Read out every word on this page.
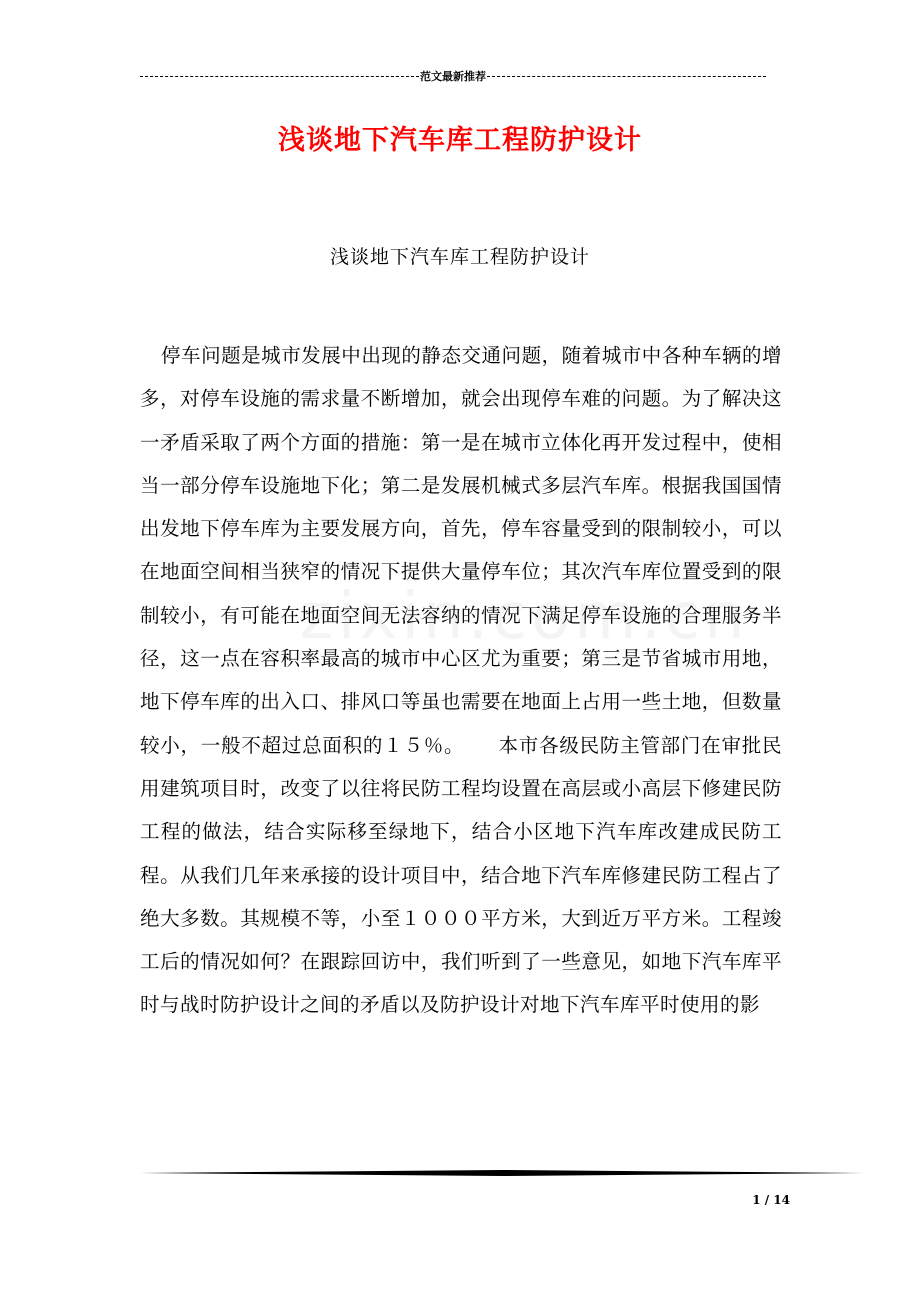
范文最新推荐
浅谈地下汽车库工程防护设计
浅谈地下汽车库工程防护设计
停车问题是城市发展中出现的静态交通问题，随着城市中各种车辆的增多，对停车设施的需求量不断增加，就会出现停车难的问题。为了解决这一矛盾采取了两个方面的措施：第一是在城市立体化再开发过程中，使相当一部分停车设施地下化；第二是发展机械式多层汽车库。根据我国国情出发地下停车库为主要发展方向，首先，停车容量受到的限制较小，可以在地面空间相当狭窄的情况下提供大量停车位；其次汽车库位置受到的限制较小，有可能在地面空间无法容纳的情况下满足停车设施的合理服务半径，这一点在容积率最高的城市中心区尤为重要；第三是节省城市用地，地下停车库的出入口、排风口等虽也需要在地面上占用一些土地，但数量较小，一般不超过总面积的１５％。 本市各级民防主管部门在审批民用建筑项目时，改变了以往将民防工程均设置在高层或小高层下修建民防工程的做法，结合实际移至绿地下，结合小区地下汽车库改建成民防工程。从我们几年来承接的设计项目中，结合地下汽车库修建民防工程占了绝大多数。其规模不等，小至１０００平方米，大到近万平方米。工程竣工后的情况如何？在跟踪回访中，我们听到了一些意见，如地下汽车库平时与战时防护设计之间的矛盾以及防护设计对地下汽车库平时使用的影
1 / 14
